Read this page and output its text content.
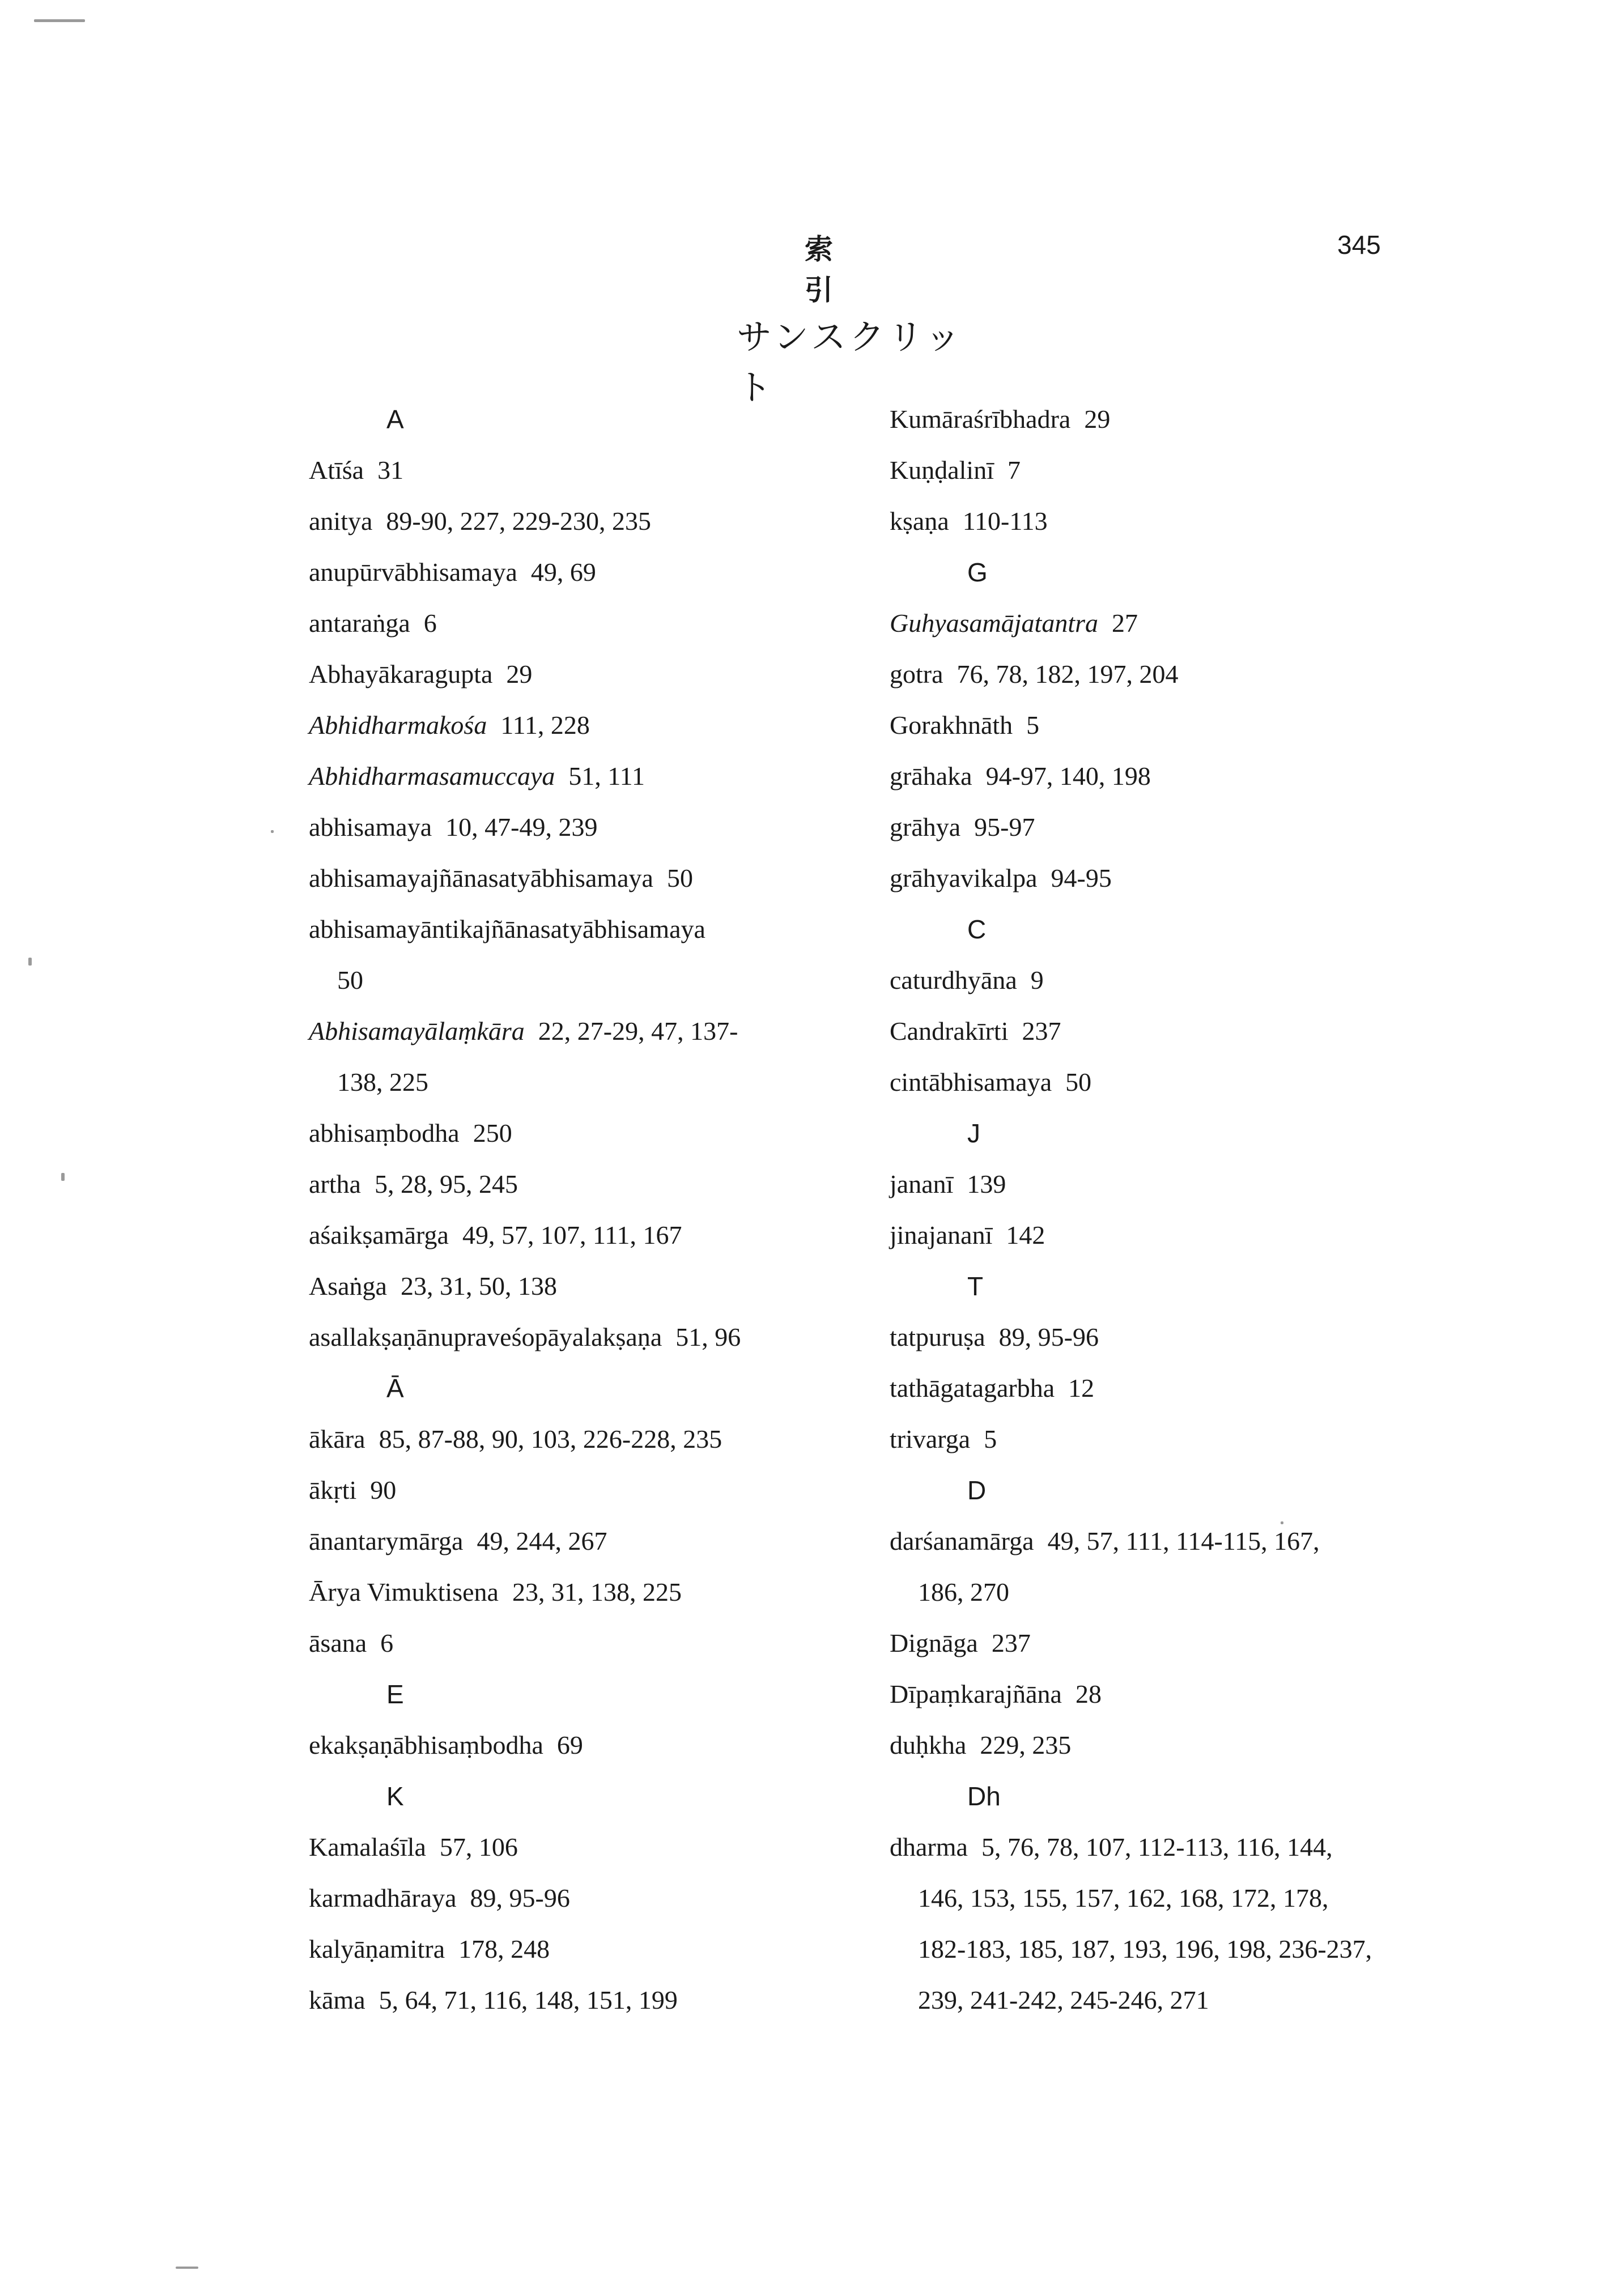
索 引
345
サンスクリット
A
Atīśa 31
anitya 89-90, 227, 229-230, 235
anupūrvābhisamaya 49, 69
antaraṅga 6
Abhayākaragupta 29
Abhidharmakośa 111, 228
Abhidharmasamuccaya 51, 111
abhisamaya 10, 47-49, 239
abhisamayajñānasatyābhisamaya 50
abhisamayāntikajñānasatyābhisamaya
50
Abhisamayālaṃkāra 22, 27-29, 47, 137-
138, 225
abhisaṃbodha 250
artha 5, 28, 95, 245
aśaikṣamārga 49, 57, 107, 111, 167
Asaṅga 23, 31, 50, 138
asallakṣaṇānupraveśopāyalakṣaṇa 51, 96
Ā
ākāra 85, 87-88, 90, 103, 226-228, 235
ākṛti 90
ānantarymārga 49, 244, 267
Ārya Vimuktisena 23, 31, 138, 225
āsana 6
E
ekakṣaṇābhisaṃbodha 69
K
Kamalaśīla 57, 106
karmadhāraya 89, 95-96
kalyāṇamitra 178, 248
kāma 5, 64, 71, 116, 148, 151, 199
Kumāraśrībhadra 29
Kuṇḍalinī 7
kṣaṇa 110-113
G
Guhyasamājatantra 27
gotra 76, 78, 182, 197, 204
Gorakhnāth 5
grāhaka 94-97, 140, 198
grāhya 95-97
grāhyavikalpa 94-95
C
caturdhyāna 9
Candrakīrti 237
cintābhisamaya 50
J
jananī 139
jinajananī 142
T
tatpuruṣa 89, 95-96
tathāgatagarbha 12
trivarga 5
D
darśanamārga 49, 57, 111, 114-115, 167,
186, 270
Dignāga 237
Dīpaṃkarajñāna 28
duḥkha 229, 235
Dh
dharma 5, 76, 78, 107, 112-113, 116, 144,
146, 153, 155, 157, 162, 168, 172, 178,
182-183, 185, 187, 193, 196, 198, 236-237,
239, 241-242, 245-246, 271
